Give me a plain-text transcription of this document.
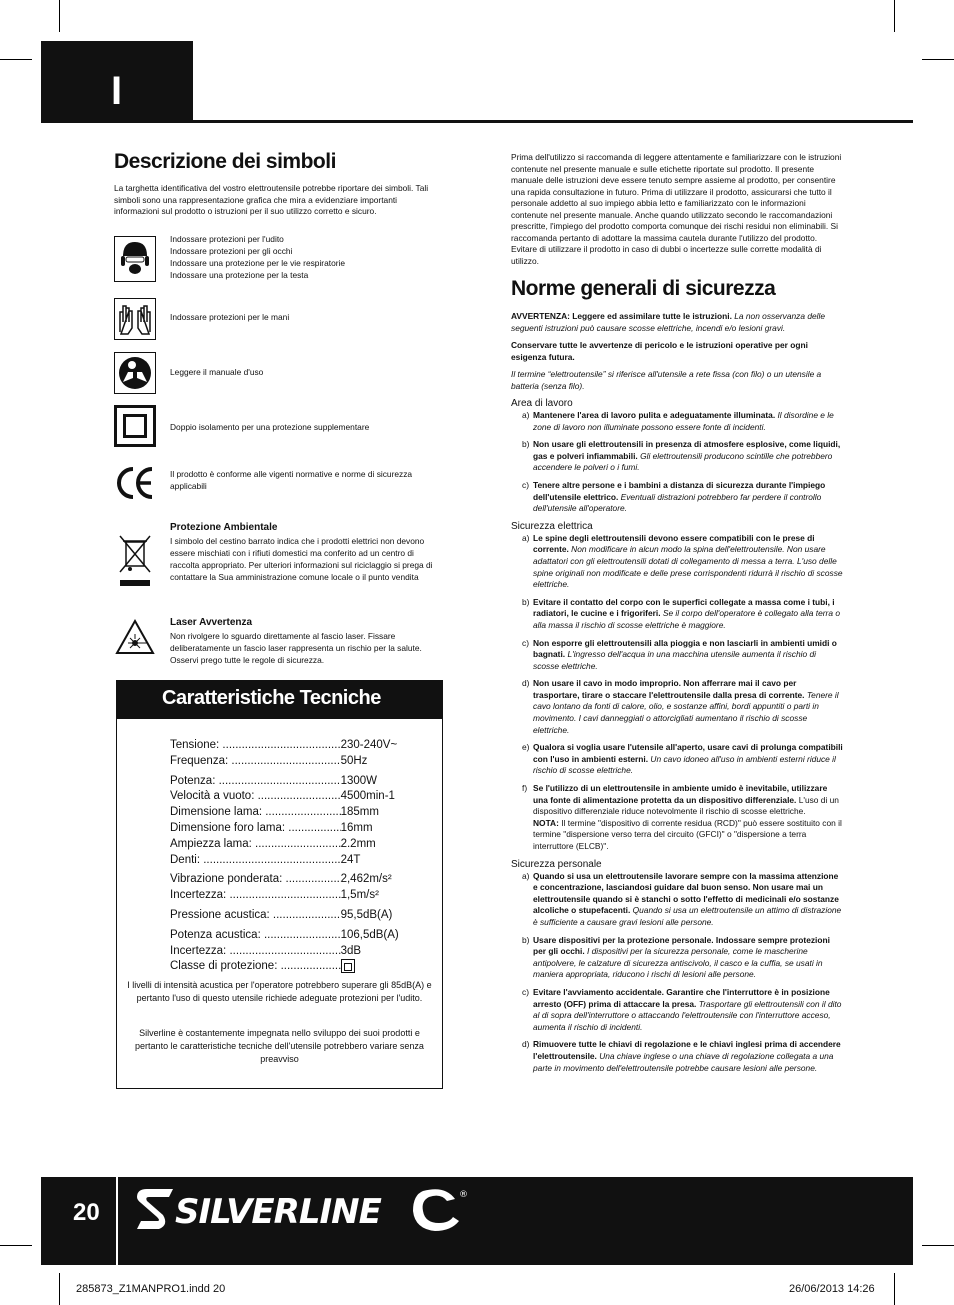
I
Descrizione dei simboli

La targhetta identificativa del vostro elettroutensile potrebbe riportare dei simboli. Tali simboli sono una rappresentazione grafica che mira a evidenziare importanti informazioni sul prodotto o istruzioni per il suo utilizzo corretto e sicuro.

Indossare protezioni per l'udito
Indossare protezioni per gli occhi
Indossare una protezione per le vie respiratorie
Indossare una protezione per la testa
Indossare protezioni per le mani
Leggere il manuale d'uso
Doppio isolamento per una protezione supplementare
Il prodotto è conforme alle vigenti normative e norme di sicurezza applicabili
Protezione Ambientale
I simbolo del cestino barrato indica che i prodotti elettrici non devono essere mischiati con i rifiuti domestici ma conferito ad un centro di raccolta appropriato. Per ulteriori informazioni sul riciclaggio si prega di contattare la Sua amministrazione comune locale o il punto vendita
Laser Avvertenza
Non rivolgere lo sguardo direttamente al fascio laser. Fissare deliberatamente un fascio laser rappresenta un rischio per la salute. Osservi prego tutte le regole di sicurezza.
Caratteristiche Tecniche
Tensione: .....	230-240V~
Frequenza: .....	50Hz
Potenza: .....	1300W
Velocità a vuoto: .....	4500min-1
Dimensione lama: .....	185mm
Dimensione foro lama: .....	16mm
Ampiezza lama: .....	2.2mm
Denti: .....	24T
Vibrazione ponderata: .....	2,462m/s²
Incertezza: .....	1,5m/s²
Pressione acustica: .....	95,5dB(A)
Potenza acustica: .....	106,5dB(A)
Incertezza: .....	3dB
Classe di protezione: .....

I livelli di intensità acustica per l'operatore potrebbero superare gli 85dB(A) e pertanto l'uso di questo utensile richiede adeguate protezioni per l'udito.

Silverline è costantemente impegnata nello sviluppo dei suoi prodotti e pertanto le caratteristiche tecniche dell'utensile potrebbero variare senza preavviso

Prima dell'utilizzo si raccomanda di leggere attentamente e familiarizzare con le istruzioni contenute nel presente manuale e sulle etichette riportate sul prodotto. Il presente manuale delle istruzioni deve essere tenuto sempre assieme al prodotto, per consentire una rapida consultazione in futuro. Prima di utilizzare il prodotto, assicurarsi che tutto il personale addetto al suo impiego abbia letto e familiarizzato con le informazioni contenute nel presente manuale. Anche quando utilizzato secondo le raccomandazioni prescritte, l'impiego del prodotto comporta comunque dei rischi residui non eliminabili. Si raccomanda pertanto di adottare la massima cautela durante l'utilizzo del prodotto. Evitare di utilizzare il prodotto in caso di dubbi o incertezze sulle corrette modalità di utilizzo.

Norme generali di sicurezza

AVVERTENZA: Leggere ed assimilare tutte le istruzioni. La non osservanza delle seguenti istruzioni può causare scosse elettriche, incendi e/o lesioni gravi.

Conservare tutte le avvertenze di pericolo e le istruzioni operative per ogni esigenza futura.

Il termine “elettroutensile” si riferisce all'utensile a rete fissa (con filo) o un utensile a batteria (senza filo).

Area di lavoro
a) Mantenere l'area di lavoro pulita e adeguatamente illuminata. Il disordine e le zone di lavoro non illuminate possono essere fonte di incidenti.
b) Non usare gli elettroutensili in presenza di atmosfere esplosive, come liquidi, gas e polveri infiammabili. Gli elettroutensili producono scintille che potrebbero accendere le polveri o i fumi.
c) Tenere altre persone e i bambini a distanza di sicurezza durante l'impiego dell'utensile elettrico. Eventuali distrazioni potrebbero far perdere il controllo dell'utensile all'operatore.
Sicurezza elettrica
a) Le spine degli elettroutensili devono essere compatibili con le prese di corrente. Non modificare in alcun modo la spina dell'elettroutensile. Non usare adattatori con gli elettroutensili dotati di collegamento di messa a terra. L'uso delle spine originali non modificate e delle prese corrispondenti ridurrà il rischio di scosse elettriche.
b) Evitare il contatto del corpo con le superfici collegate a massa come i tubi, i radiatori, le cucine e i frigoriferi. Se il corpo dell'operatore è collegato alla terra o alla massa il rischio di scosse elettriche è maggiore.
c) Non esporre gli elettroutensili alla pioggia e non lasciarli in ambienti umidi o bagnati. L'ingresso dell'acqua in una macchina utensile aumenta il rischio di scosse elettriche.
d) Non usare il cavo in modo improprio. Non afferrare mai il cavo per trasportare, tirare o staccare l'elettroutensile dalla presa di corrente. Tenere il cavo lontano da fonti di calore, olio, e sostanze affini, bordi appuntiti o parti in movimento. I cavi danneggiati o attorcigliati aumentano il rischio di scosse elettriche.
e) Qualora si voglia usare l'utensile all'aperto, usare cavi di prolunga compatibili con l'uso in ambienti esterni. Un cavo idoneo all'uso in ambienti esterni riduce il rischio di scosse elettriche.
f) Se l'utilizzo di un elettroutensile in ambiente umido è inevitabile, utilizzare una fonte di alimentazione protetta da un dispositivo differenziale. L'uso di un dispositivo differenziale riduce notevolmente il rischio di scosse elettriche.
NOTA: Il termine "dispositivo di corrente residua (RCD)" può essere sostituito con il termine "dispersione verso terra del circuito (GFCI)" o "dispersione a terra interruttore (ELCB)".
Sicurezza personale
a) Quando si usa un elettroutensile lavorare sempre con la massima attenzione e concentrazione, lasciandosi guidare dal buon senso. Non usare mai un elettroutensile quando si è stanchi o sotto l'effetto di medicinali e/o sostanze alcoliche o stupefacenti. Quando si usa un elettroutensile un attimo di distrazione è sufficiente a causare gravi lesioni alle persone.
b) Usare dispositivi per la protezione personale. Indossare sempre protezioni per gli occhi. I dispositivi per la sicurezza personale, come le mascherine antipolvere, le calzature di sicurezza antiscivolo, il casco e la cuffia, se usati in maniera appropriata, riducono i rischi di lesioni alle persone.
c) Evitare l'avviamento accidentale. Garantire che l'interruttore è in posizione arresto (OFF) prima di attaccare la presa. Trasportare gli elettroutensili con il dito al di sopra dell'interruttore o attaccando l'elettroutensile con l'interruttore acceso, aumenta il rischio di incidenti.
d) Rimuovere tutte le chiavi di regolazione e le chiavi inglesi prima di accendere l'elettroutensile. Una chiave inglese o una chiave di regolazione collegata a una parte in movimento dell'elettroutensile potrebbe causare lesioni alle persone.
20	SILVERLINE	®
285873_Z1MANPRO1.indd 20	26/06/2013 14:26
